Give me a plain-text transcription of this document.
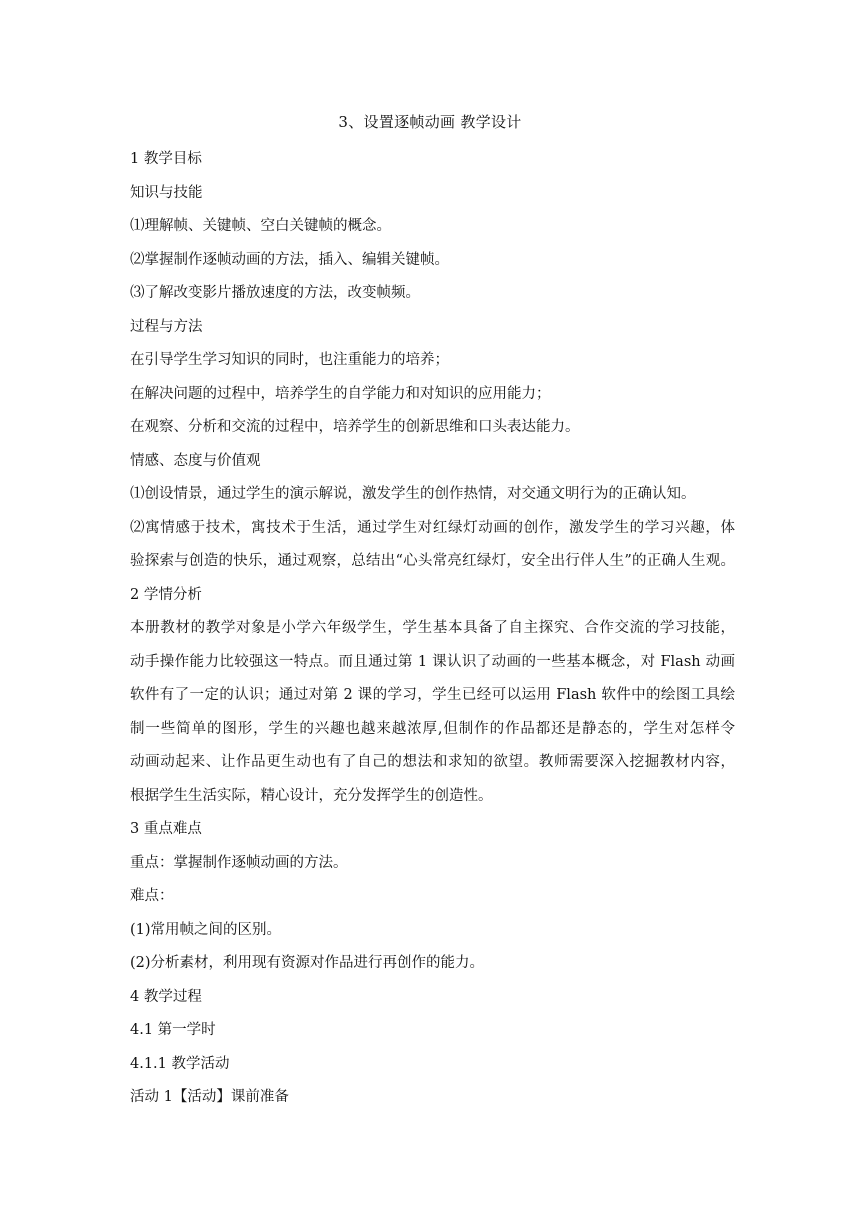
3、设置逐帧动画 教学设计
1 教学目标
知识与技能
⑴理解帧、关键帧、空白关键帧的概念。
⑵掌握制作逐帧动画的方法，插入、编辑关键帧。
⑶了解改变影片播放速度的方法，改变帧频。
过程与方法
在引导学生学习知识的同时，也注重能力的培养；
在解决问题的过程中，培养学生的自学能力和对知识的应用能力；
在观察、分析和交流的过程中，培养学生的创新思维和口头表达能力。
情感、态度与价值观
⑴创设情景，通过学生的演示解说，激发学生的创作热情，对交通文明行为的正确认知。
⑵寓情感于技术，寓技术于生活，通过学生对红绿灯动画的创作，激发学生的学习兴趣，体
验探索与创造的快乐，通过观察，总结出“心头常亮红绿灯，安全出行伴人生”的正确人生观。
2 学情分析
本册教材的教学对象是小学六年级学生，学生基本具备了自主探究、合作交流的学习技能，
动手操作能力比较强这一特点。而且通过第 1 课认识了动画的一些基本概念，对 Flash 动画
软件有了一定的认识；通过对第 2 课的学习，学生已经可以运用 Flash 软件中的绘图工具绘
制一些简单的图形，学生的兴趣也越来越浓厚,但制作的作品都还是静态的，学生对怎样令
动画动起来、让作品更生动也有了自己的想法和求知的欲望。教师需要深入挖掘教材内容，
根据学生生活实际，精心设计，充分发挥学生的创造性。
3 重点难点
重点：掌握制作逐帧动画的方法。
难点：
(1)常用帧之间的区别。
(2)分析素材，利用现有资源对作品进行再创作的能力。
4 教学过程
4.1 第一学时
4.1.1 教学活动
活动 1【活动】课前准备
